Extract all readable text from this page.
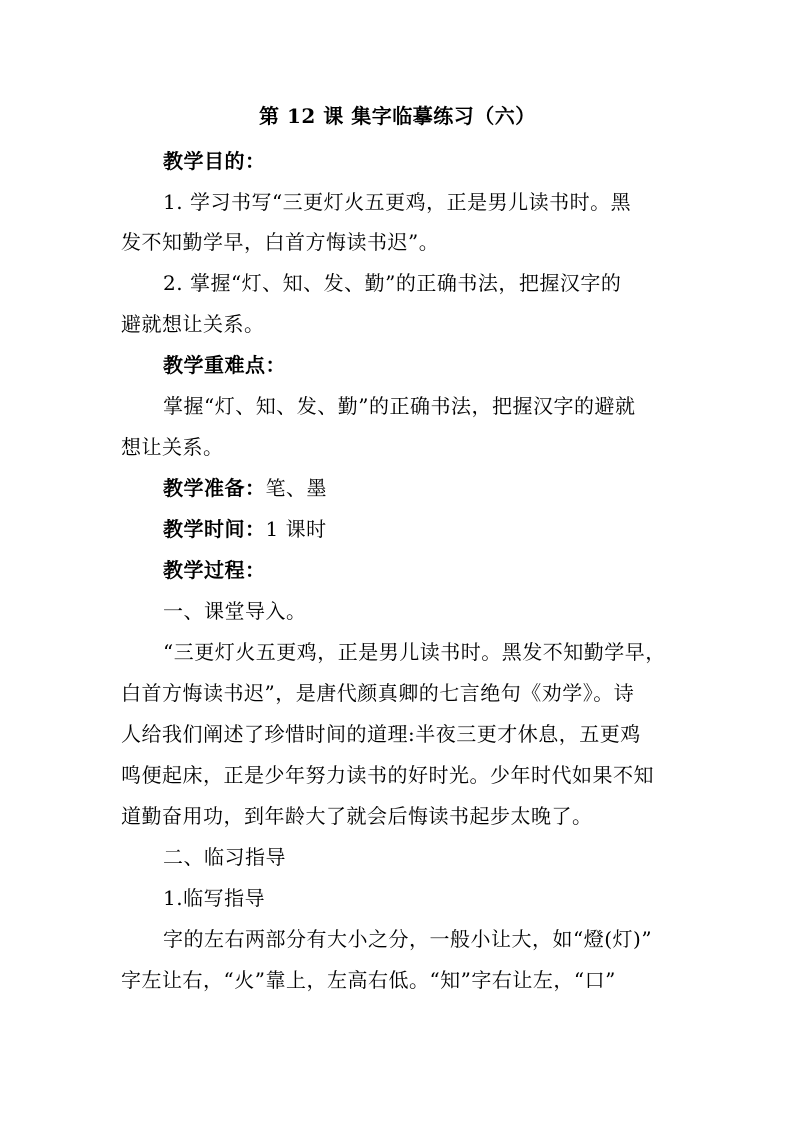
第 12 课 集字临摹练习（六）
教学目的：
1. 学习书写“三更灯火五更鸡，正是男儿读书时。黑
发不知勤学早，白首方悔读书迟”。
2. 掌握“灯、知、发、勤”的正确书法，把握汉字的
避就想让关系。
教学重难点：
掌握“灯、知、发、勤”的正确书法，把握汉字的避就
想让关系。
教学准备：笔、墨
教学时间：1 课时
教学过程：
一、课堂导入。
“三更灯火五更鸡，正是男儿读书时。黑发不知勤学早，
白首方悔读书迟”，是唐代颜真卿的七言绝句《劝学》。诗
人给我们阐述了珍惜时间的道理:半夜三更才休息，五更鸡
鸣便起床，正是少年努力读书的好时光。少年时代如果不知
道勤奋用功，到年龄大了就会后悔读书起步太晚了。
二、临习指导
1.临写指导
字的左右两部分有大小之分，一般小让大，如“燈(灯)”
字左让右，“火”靠上，左高右低。“知”字右让左，“口”
